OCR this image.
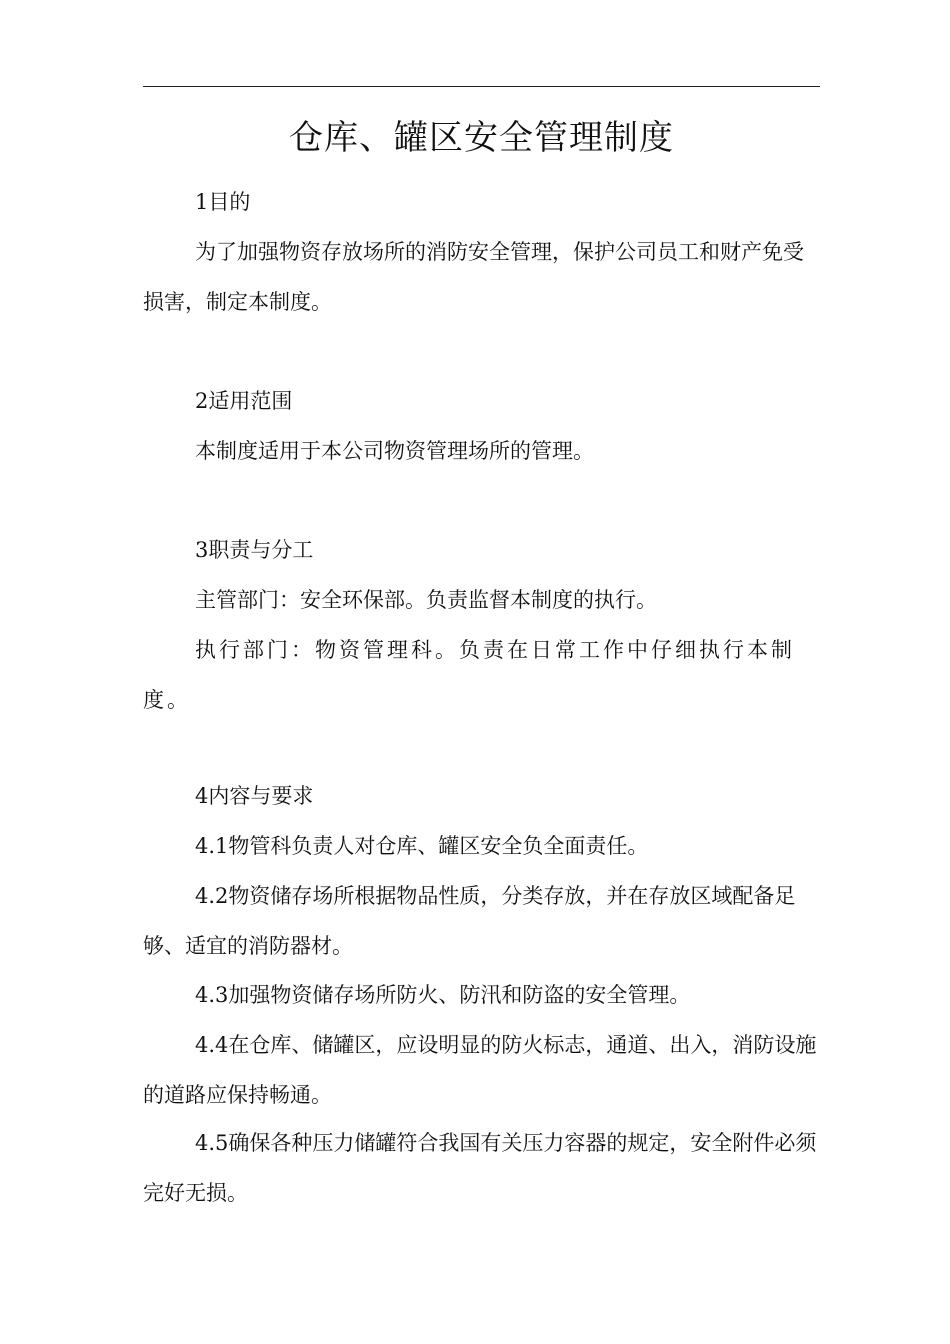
仓库、罐区安全管理制度

1目的

为了加强物资存放场所的消防安全管理，保护公司员工和财产免受损害，制定本制度。

2适用范围

本制度适用于本公司物资管理场所的管理。

3职责与分工

主管部门：安全环保部。负责监督本制度的执行。

执行部门：物资管理科。负责在日常工作中仔细执行本制度。

4内容与要求

4.1物管科负责人对仓库、罐区安全负全面责任。

4.2物资储存场所根据物品性质，分类存放，并在存放区域配备足够、适宜的消防器材。

4.3加强物资储存场所防火、防汛和防盗的安全管理。

4.4在仓库、储罐区，应设明显的防火标志，通道、出入，消防设施的道路应保持畅通。

4.5确保各种压力储罐符合我国有关压力容器的规定，安全附件必须完好无损。
